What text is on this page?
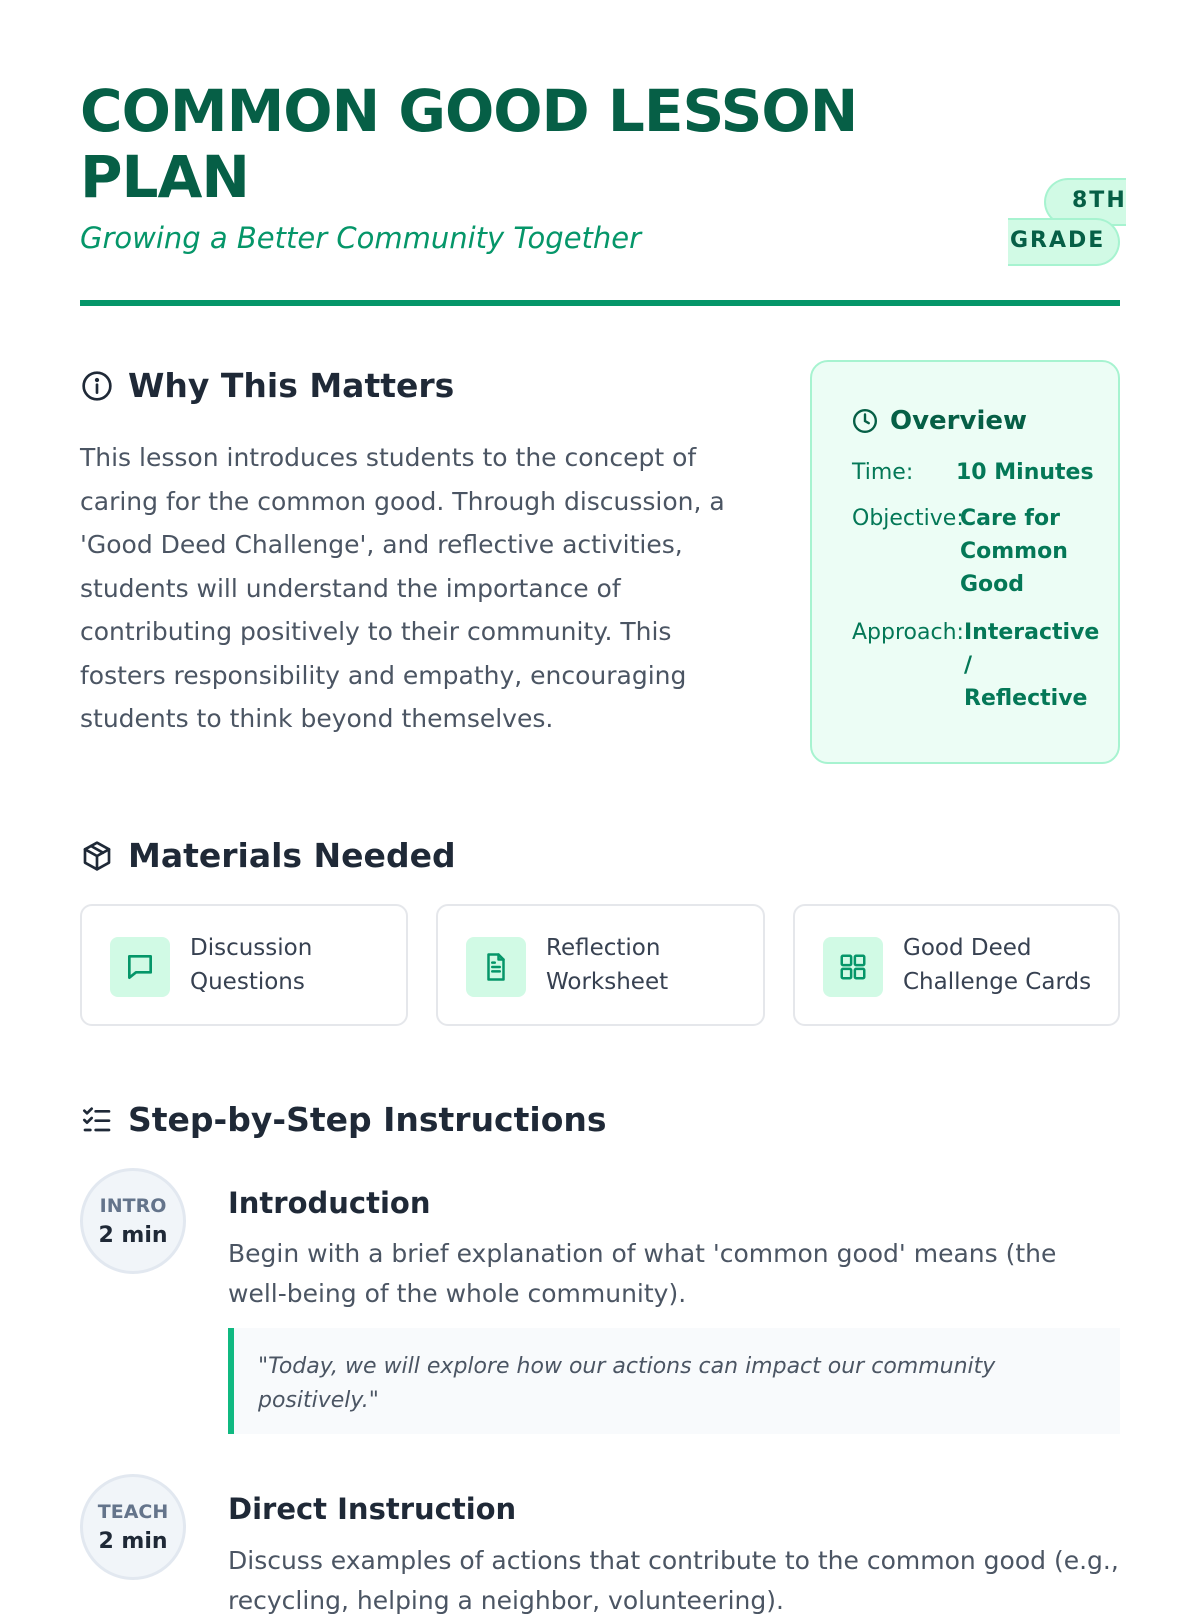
COMMON GOOD LESSON PLAN
Growing a Better Community Together
8TH
GRADE
Why This Matters

This lesson introduces students to the concept of caring for the common good. Through discussion, a 'Good Deed Challenge', and reflective activities, students will understand the importance of contributing positively to their community. This fosters responsibility and empathy, encouraging students to think beyond themselves.

Overview
Time: 10 Minutes
Objective:
Care for Common Good
Approach: Interactive / Reflective
Materials Needed
Discussion Questions
Reflection Worksheet
Good Deed Challenge Cards
Step-by-Step Instructions
INTRO
2 min
Introduction

Begin with a brief explanation of what 'common good' means (the well-being of the whole community).

"Today, we will explore how our actions can impact our community positively."
TEACH
2 min
Direct Instruction

Discuss examples of actions that contribute to the common good (e.g., recycling, helping a neighbor, volunteering).
